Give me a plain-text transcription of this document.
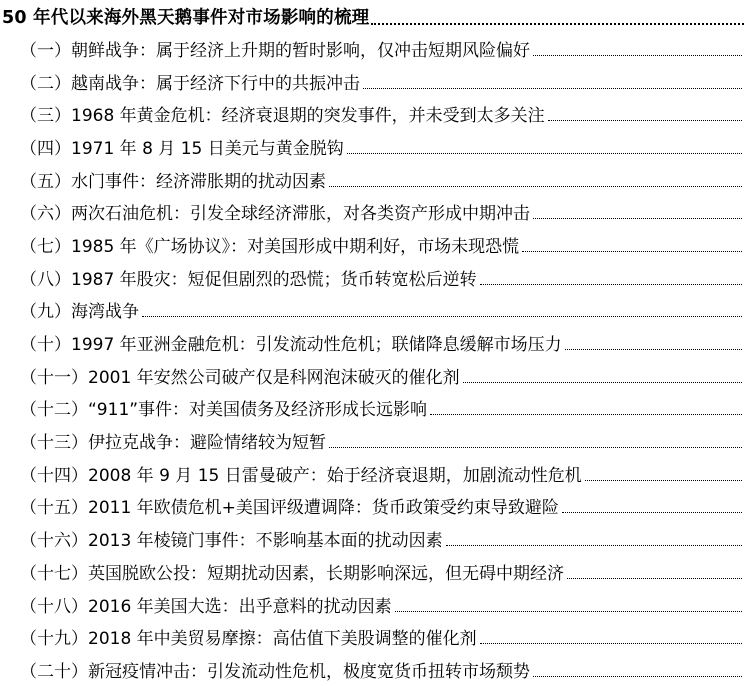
50 年代以来海外黑天鹅事件对市场影响的梳理
（一） 朝鲜战争：属于经济上升期的暂时影响，仅冲击短期风险偏好
（二） 越南战争：属于经济下行中的共振冲击
（三） 1968 年黄金危机：经济衰退期的突发事件，并未受到太多关注
（四） 1971 年 8 月 15 日美元与黄金脱钩
（五） 水门事件：经济滞胀期的扰动因素
（六） 两次石油危机：引发全球经济滞胀，对各类资产形成中期冲击
（七） 1985 年《广场协议》：对美国形成中期利好，市场未现恐慌
（八） 1987 年股灾：短促但剧烈的恐慌；货币转宽松后逆转
（九） 海湾战争
（十） 1997 年亚洲金融危机：引发流动性危机；联储降息缓解市场压力
（十一） 2001 年安然公司破产仅是科网泡沫破灭的催化剂
（十二） “911”事件：对美国债务及经济形成长远影响
（十三） 伊拉克战争：避险情绪较为短暂
（十四） 2008 年 9 月 15 日雷曼破产：始于经济衰退期，加剧流动性危机
（十五） 2011 年欧债危机+美国评级遭调降：货币政策受约束导致避险
（十六） 2013 年棱镜门事件：不影响基本面的扰动因素
（十七） 英国脱欧公投：短期扰动因素，长期影响深远，但无碍中期经济
（十八） 2016 年美国大选：出乎意料的扰动因素
（十九） 2018 年中美贸易摩擦：高估值下美股调整的催化剂
（二十） 新冠疫情冲击：引发流动性危机，极度宽货币扭转市场颓势
